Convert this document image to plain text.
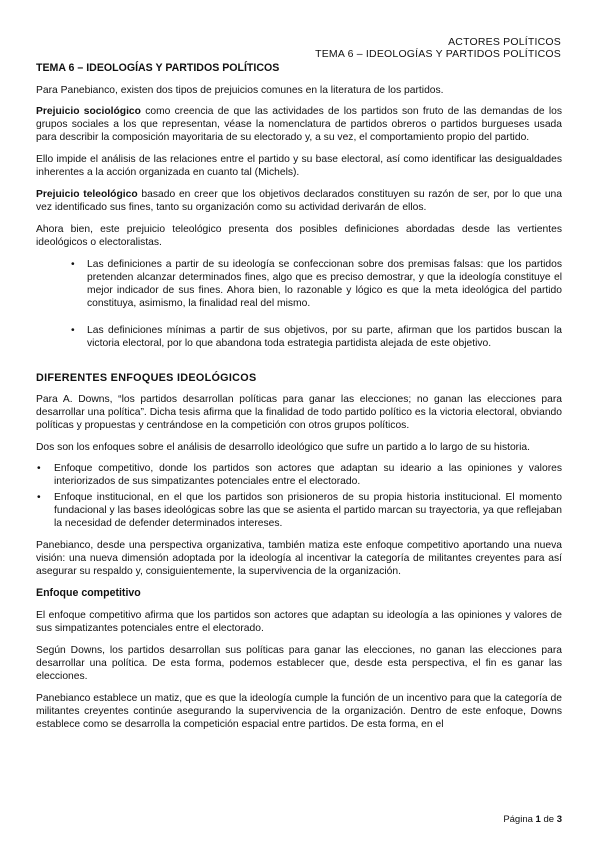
ACTORES POLÍTICOS
TEMA 6 – IDEOLOGÍAS Y PARTIDOS POLÍTICOS

TEMA 6 – IDEOLOGÍAS Y PARTIDOS POLÍTICOS

Para Panebianco, existen dos tipos de prejuicios comunes en la literatura de los partidos.

Prejuicio sociológico como creencia de que las actividades de los partidos son fruto de las demandas de los grupos sociales a los que representan, véase la nomenclatura de partidos obreros o partidos burgueses usada para describir la composición mayoritaria de su electorado y, a su vez, el comportamiento propio del partido.

Ello impide el análisis de las relaciones entre el partido y su base electoral, así como identificar las desigualdades inherentes a la acción organizada en cuanto tal (Michels).

Prejuicio teleológico basado en creer que los objetivos declarados constituyen su razón de ser, por lo que una vez identificado sus fines, tanto su organización como su actividad derivarán de ellos.

Ahora bien, este prejuicio teleológico presenta dos posibles definiciones abordadas desde las vertientes ideológicos o electoralistas.

• Las definiciones a partir de su ideología se confeccionan sobre dos premisas falsas: que los partidos pretenden alcanzar determinados fines, algo que es preciso demostrar, y que la ideología constituye el mejor indicador de sus fines. Ahora bien, lo razonable y lógico es que la meta ideológica del partido constituya, asimismo, la finalidad real del mismo.
• Las definiciones mínimas a partir de sus objetivos, por su parte, afirman que los partidos buscan la victoria electoral, por lo que abandona toda estrategia partidista alejada de este objetivo.

DIFERENTES ENFOQUES IDEOLÓGICOS

Para A. Downs, “los partidos desarrollan políticas para ganar las elecciones; no ganan las elecciones para desarrollar una política”. Dicha tesis afirma que la finalidad de todo partido político es la victoria electoral, obviando políticas y propuestas y centrándose en la competición con otros grupos políticos.

Dos son los enfoques sobre el análisis de desarrollo ideológico que sufre un partido a lo largo de su historia.

• Enfoque competitivo, donde los partidos son actores que adaptan su ideario a las opiniones y valores interiorizados de sus simpatizantes potenciales entre el electorado.
• Enfoque institucional, en el que los partidos son prisioneros de su propia historia institucional. El momento fundacional y las bases ideológicas sobre las que se asienta el partido marcan su trayectoria, ya que reflejaban la necesidad de defender determinados intereses.

Panebianco, desde una perspectiva organizativa, también matiza este enfoque competitivo aportando una nueva visión: una nueva dimensión adoptada por la ideología al incentivar la categoría de militantes creyentes para así asegurar su respaldo y, consiguientemente, la supervivencia de la organización.

Enfoque competitivo

El enfoque competitivo afirma que los partidos son actores que adaptan su ideología a las opiniones y valores de sus simpatizantes potenciales entre el electorado.

Según Downs, los partidos desarrollan sus políticas para ganar las elecciones, no ganan las elecciones para desarrollar una política. De esta forma, podemos establecer que, desde esta perspectiva, el fin es ganar las elecciones.

Panebianco establece un matiz, que es que la ideología cumple la función de un incentivo para que la categoría de militantes creyentes continúe asegurando la supervivencia de la organización. Dentro de este enfoque, Downs establece como se desarrolla la competición espacial entre partidos. De esta forma, en el

Página 1 de 3
